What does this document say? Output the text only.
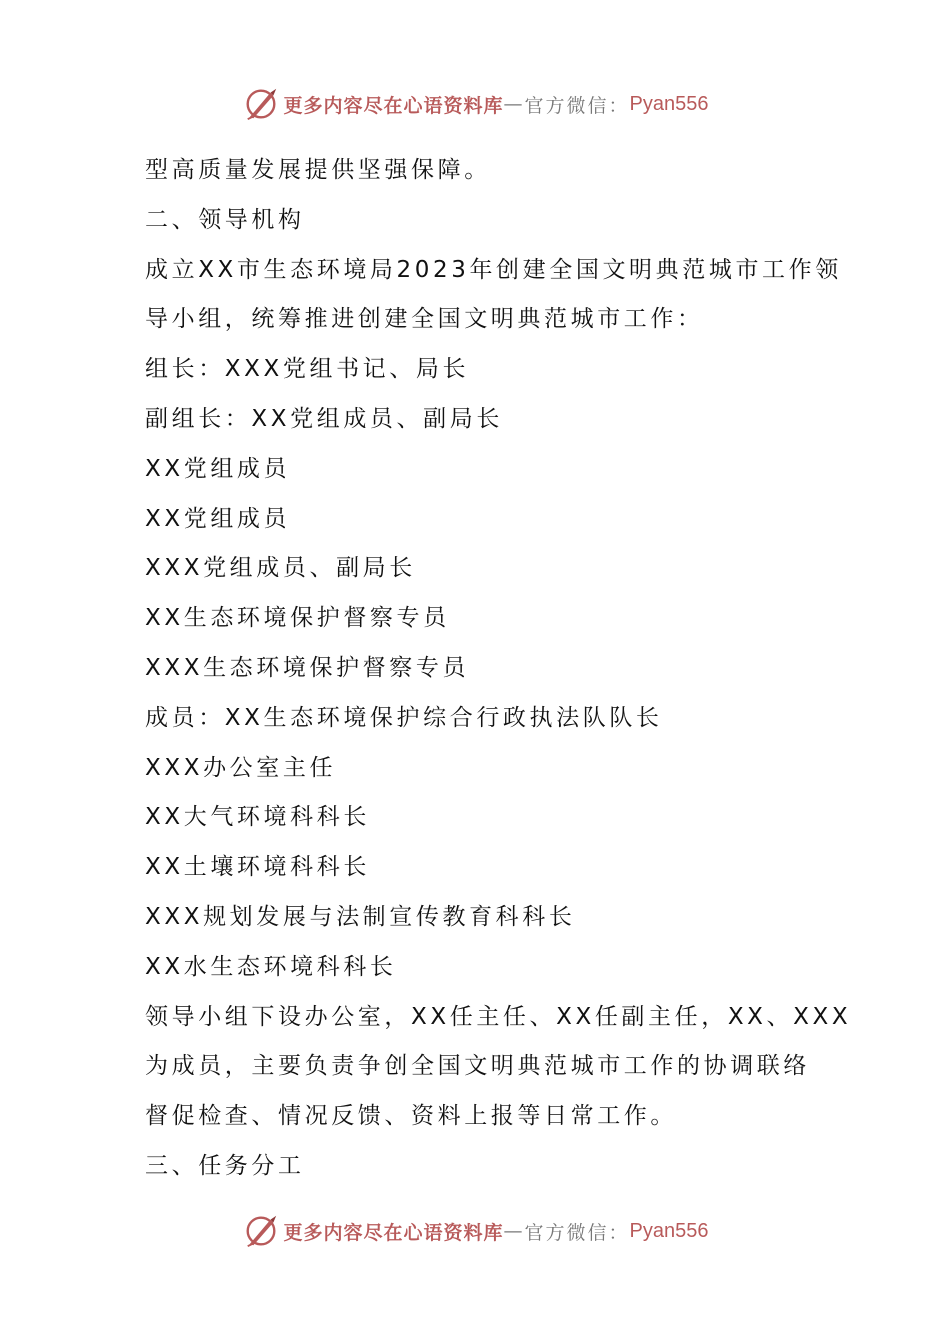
更多内容尽在心语资料库 — 官方微信： Pyan556
型高质量发展提供坚强保障。
二、领导机构
成立XX市生态环境局2023年创建全国文明典范城市工作领
导小组，统筹推进创建全国文明典范城市工作：
组长：XXX党组书记、局长
副组长：XX党组成员、副局长
XX党组成员
XX党组成员
XXX党组成员、副局长
XX生态环境保护督察专员
XXX生态环境保护督察专员
成员：XX生态环境保护综合行政执法队队长
XXX办公室主任
XX大气环境科科长
XX土壤环境科科长
XXX规划发展与法制宣传教育科科长
XX水生态环境科科长
领导小组下设办公室，XX任主任、XX任副主任，XX、XXX
为成员，主要负责争创全国文明典范城市工作的协调联络
督促检查、情况反馈、资料上报等日常工作。
三、任务分工
更多内容尽在心语资料库 — 官方微信： Pyan556
